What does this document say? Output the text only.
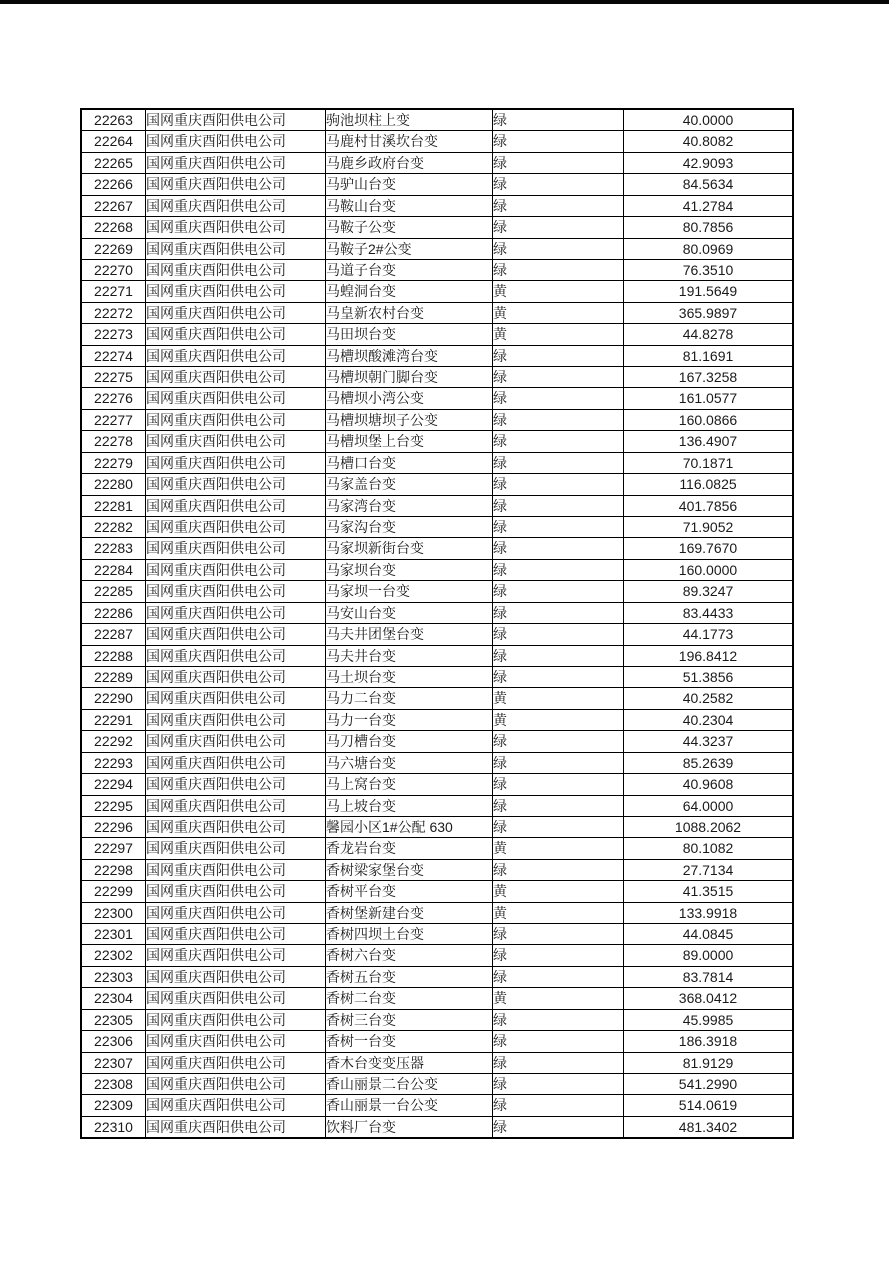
22263	国网重庆酉阳供电公司	驹池坝柱上变	绿	40.0000
22264	国网重庆酉阳供电公司	马鹿村甘溪坎台变	绿	40.8082
22265	国网重庆酉阳供电公司	马鹿乡政府台变	绿	42.9093
22266	国网重庆酉阳供电公司	马驴山台变	绿	84.5634
22267	国网重庆酉阳供电公司	马鞍山台变	绿	41.2784
22268	国网重庆酉阳供电公司	马鞍子公变	绿	80.7856
22269	国网重庆酉阳供电公司	马鞍子2#公变	绿	80.0969
22270	国网重庆酉阳供电公司	马道子台变	绿	76.3510
22271	国网重庆酉阳供电公司	马蝗洞台变	黄	191.5649
22272	国网重庆酉阳供电公司	马皇新农村台变	黄	365.9897
22273	国网重庆酉阳供电公司	马田坝台变	黄	44.8278
22274	国网重庆酉阳供电公司	马槽坝酸滩湾台变	绿	81.1691
22275	国网重庆酉阳供电公司	马槽坝朝门脚台变	绿	167.3258
22276	国网重庆酉阳供电公司	马槽坝小湾公变	绿	161.0577
22277	国网重庆酉阳供电公司	马槽坝塘坝子公变	绿	160.0866
22278	国网重庆酉阳供电公司	马槽坝堡上台变	绿	136.4907
22279	国网重庆酉阳供电公司	马槽口台变	绿	70.1871
22280	国网重庆酉阳供电公司	马家盖台变	绿	116.0825
22281	国网重庆酉阳供电公司	马家湾台变	绿	401.7856
22282	国网重庆酉阳供电公司	马家沟台变	绿	71.9052
22283	国网重庆酉阳供电公司	马家坝新街台变	绿	169.7670
22284	国网重庆酉阳供电公司	马家坝台变	绿	160.0000
22285	国网重庆酉阳供电公司	马家坝一台变	绿	89.3247
22286	国网重庆酉阳供电公司	马安山台变	绿	83.4433
22287	国网重庆酉阳供电公司	马夫井团堡台变	绿	44.1773
22288	国网重庆酉阳供电公司	马夫井台变	绿	196.8412
22289	国网重庆酉阳供电公司	马土坝台变	绿	51.3856
22290	国网重庆酉阳供电公司	马力二台变	黄	40.2582
22291	国网重庆酉阳供电公司	马力一台变	黄	40.2304
22292	国网重庆酉阳供电公司	马刀槽台变	绿	44.3237
22293	国网重庆酉阳供电公司	马六塘台变	绿	85.2639
22294	国网重庆酉阳供电公司	马上窝台变	绿	40.9608
22295	国网重庆酉阳供电公司	马上坡台变	绿	64.0000
22296	国网重庆酉阳供电公司	馨园小区1#公配 630	绿	1088.2062
22297	国网重庆酉阳供电公司	香龙岩台变	黄	80.1082
22298	国网重庆酉阳供电公司	香树梁家堡台变	绿	27.7134
22299	国网重庆酉阳供电公司	香树平台变	黄	41.3515
22300	国网重庆酉阳供电公司	香树堡新建台变	黄	133.9918
22301	国网重庆酉阳供电公司	香树四坝土台变	绿	44.0845
22302	国网重庆酉阳供电公司	香树六台变	绿	89.0000
22303	国网重庆酉阳供电公司	香树五台变	绿	83.7814
22304	国网重庆酉阳供电公司	香树二台变	黄	368.0412
22305	国网重庆酉阳供电公司	香树三台变	绿	45.9985
22306	国网重庆酉阳供电公司	香树一台变	绿	186.3918
22307	国网重庆酉阳供电公司	香木台变变压器	绿	81.9129
22308	国网重庆酉阳供电公司	香山丽景二台公变	绿	541.2990
22309	国网重庆酉阳供电公司	香山丽景一台公变	绿	514.0619
22310	国网重庆酉阳供电公司	饮料厂台变	绿	481.3402
